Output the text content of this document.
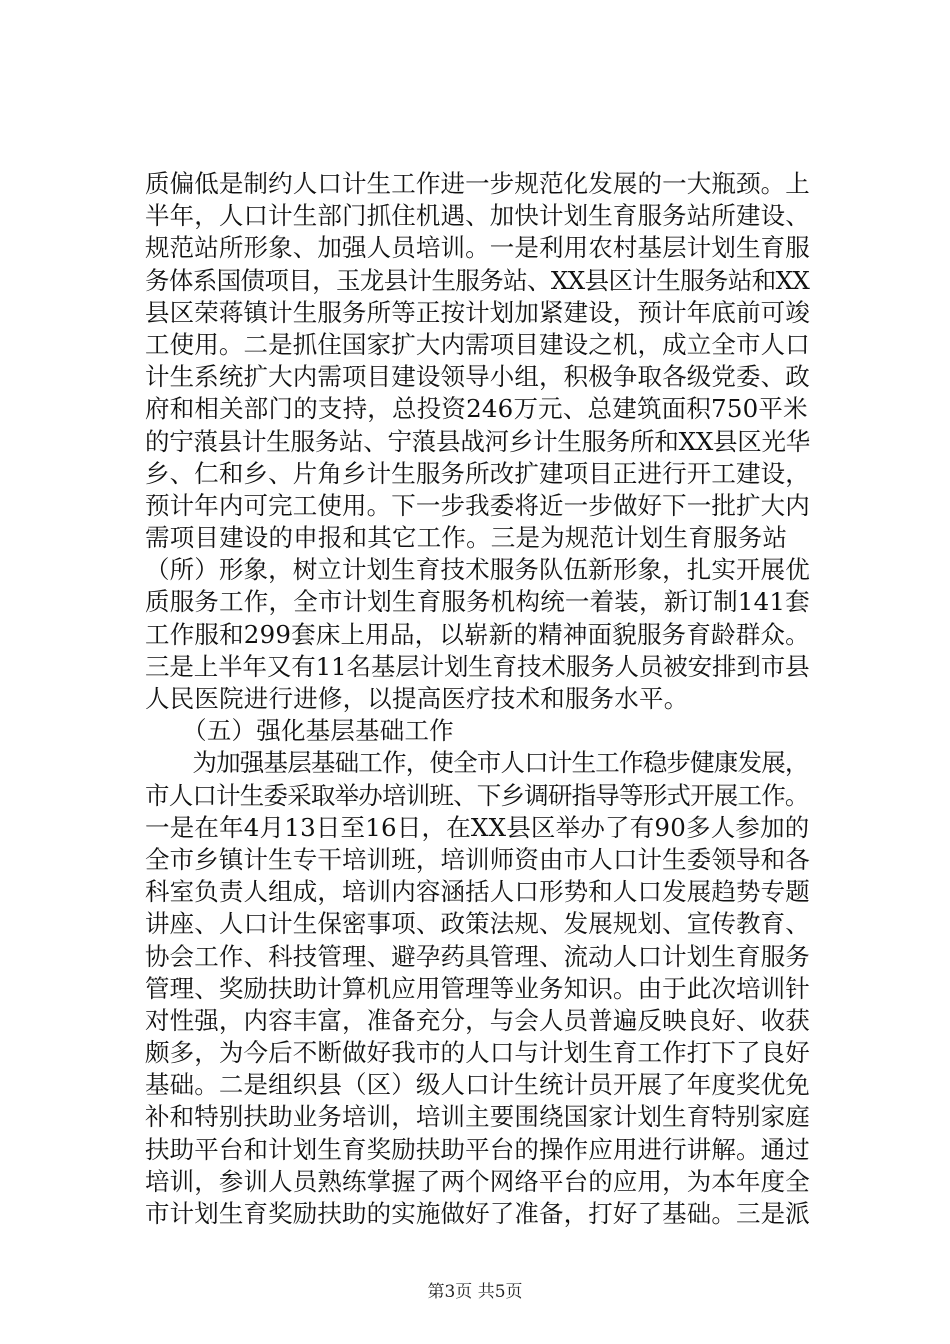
质偏低是制约人口计生工作进一步规范化发展的一大瓶颈。上
半年，人口计生部门抓住机遇、加快计划生育服务站所建设、
规范站所形象、加强人员培训。一是利用农村基层计划生育服
务体系国债项目，玉龙县计生服务站、XX县区计生服务站和XX
县区荣蒋镇计生服务所等正按计划加紧建设，预计年底前可竣
工使用。二是抓住国家扩大内需项目建设之机，成立全市人口
计生系统扩大内需项目建设领导小组，积极争取各级党委、政
府和相关部门的支持，总投资246万元、总建筑面积750平米
的宁蒗县计生服务站、宁蒗县战河乡计生服务所和XX县区光华
乡、仁和乡、片角乡计生服务所改扩建项目正进行开工建设，
预计年内可完工使用。下一步我委将近一步做好下一批扩大内
需项目建设的申报和其它工作。三是为规范计划生育服务站
（所）形象，树立计划生育技术服务队伍新形象，扎实开展优
质服务工作，全市计划生育服务机构统一着装，新订制141套
工作服和299套床上用品，以崭新的精神面貌服务育龄群众。
三是上半年又有11名基层计划生育技术服务人员被安排到市县
人民医院进行进修，以提高医疗技术和服务水平。
　　（五）强化基层基础工作
　　为加强基层基础工作，使全市人口计生工作稳步健康发展，
市人口计生委采取举办培训班、下乡调研指导等形式开展工作。
一是在年4月13日至16日，在XX县区举办了有90多人参加的
全市乡镇计生专干培训班，培训师资由市人口计生委领导和各
科室负责人组成，培训内容涵括人口形势和人口发展趋势专题
讲座、人口计生保密事项、政策法规、发展规划、宣传教育、
协会工作、科技管理、避孕药具管理、流动人口计划生育服务
管理、奖励扶助计算机应用管理等业务知识。由于此次培训针
对性强，内容丰富，准备充分，与会人员普遍反映良好、收获
颇多，为今后不断做好我市的人口与计划生育工作打下了良好
基础。二是组织县（区）级人口计生统计员开展了年度奖优免
补和特别扶助业务培训，培训主要围绕国家计划生育特别家庭
扶助平台和计划生育奖励扶助平台的操作应用进行讲解。通过
培训，参训人员熟练掌握了两个网络平台的应用，为本年度全
市计划生育奖励扶助的实施做好了准备，打好了基础。三是派
第3页 共5页
